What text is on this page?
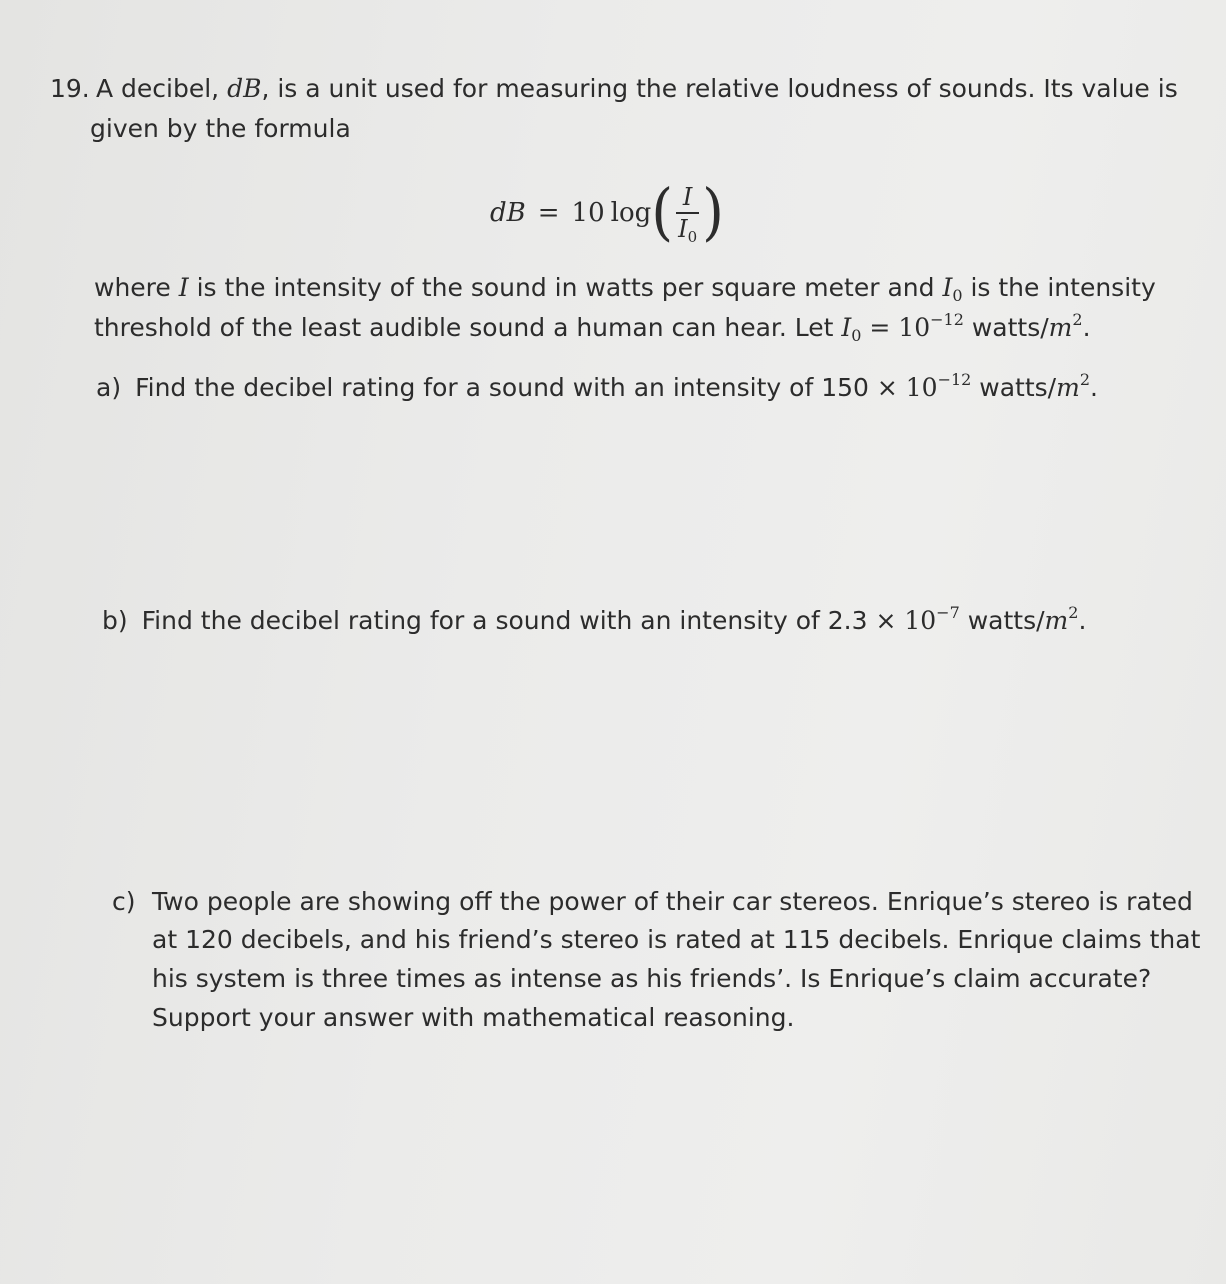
19. A decibel, dB, is a unit used for measuring the relative loudness of sounds. Its value is
given by the formula
dB = 10 log ( $\frac{I}{I_0}$ )
where I is the intensity of the sound in watts per square meter and $I_0$ is the intensity
threshold of the least audible sound a human can hear. Let $I_0 = 10^{-12}$ watts/$m^2$.
a) Find the decibel rating for a sound with an intensity of $150 \times 10^{-12}$ watts/$m^2$.
b) Find the decibel rating for a sound with an intensity of $2.3 \times 10^{-7}$ watts/$m^2$.
c) Two people are showing off the power of their car stereos. Enrique’s stereo is rated
at 120 decibels, and his friend’s stereo is rated at 115 decibels. Enrique claims that
his system is three times as intense as his friends’. Is Enrique’s claim accurate?
Support your answer with mathematical reasoning.
